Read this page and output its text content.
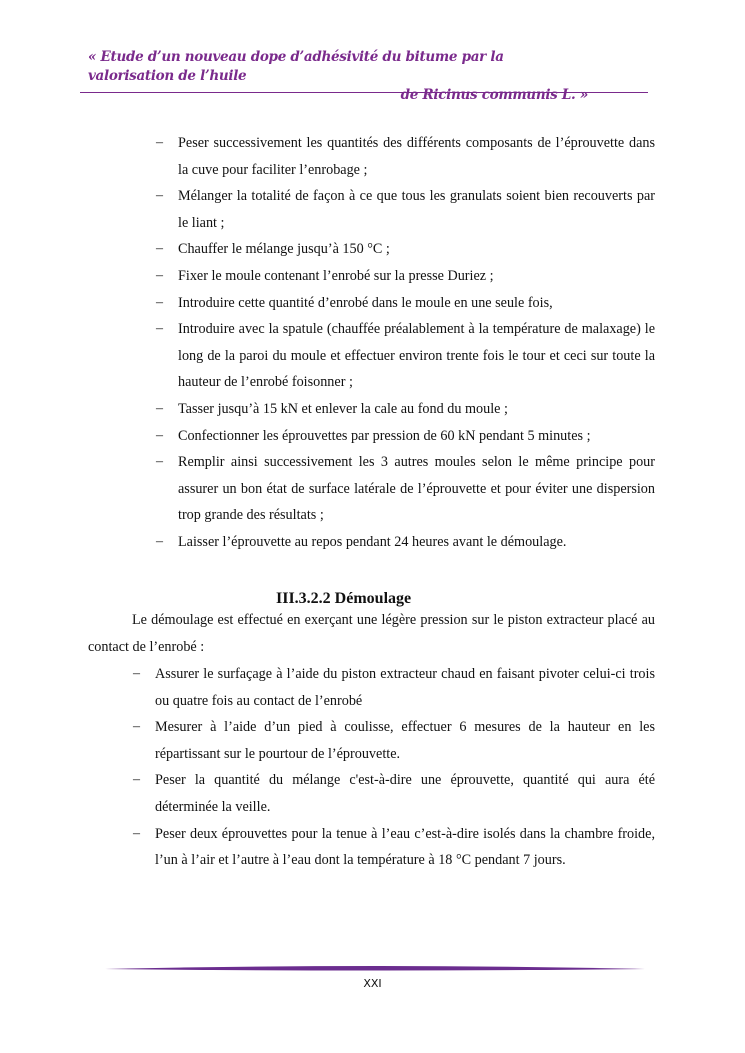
« Etude d’un nouveau dope d’adhésivité du bitume par la valorisation de l’huile
de Ricinus communis L. »
– Peser successivement les quantités des différents composants de l’éprouvette dans la cuve pour faciliter l’enrobage ;
– Mélanger la totalité de façon à ce que tous les granulats soient bien recouverts par le liant ;
– Chauffer le mélange jusqu’à 150 °C ;
– Fixer le moule contenant l’enrobé sur la presse Duriez ;
– Introduire cette quantité d’enrobé dans le moule en une seule fois,
– Introduire avec la spatule (chauffée préalablement à la température de malaxage) le long de la paroi du moule et effectuer environ trente fois le tour et ceci sur toute la hauteur de l’enrobé foisonner ;
– Tasser jusqu’à 15 kN et enlever la cale au fond du moule ;
– Confectionner les éprouvettes par pression de 60 kN pendant 5 minutes ;
– Remplir ainsi successivement les 3 autres moules selon le même principe pour assurer un bon état de surface latérale de l’éprouvette et pour éviter une dispersion trop grande des résultats ;
– Laisser l’éprouvette au repos pendant 24 heures avant le démoulage.
III.3.2.2 Démoulage

Le démoulage est effectué en exerçant une légère pression sur le piston extracteur placé au contact de l’enrobé :

– Assurer le surfaçage à l’aide du piston extracteur chaud en faisant pivoter celui-ci trois ou quatre fois au contact de l’enrobé
– Mesurer à l’aide d’un pied à coulisse, effectuer 6 mesures de la hauteur en les répartissant sur le pourtour de l’éprouvette.
– Peser la quantité du mélange c'est-à-dire une éprouvette, quantité qui aura été déterminée la veille.
– Peser deux éprouvettes pour la tenue à l’eau c’est-à-dire isolés dans la chambre froide, l’un à l’air et l’autre à l’eau dont la température à 18 °C pendant 7 jours.
XXI
